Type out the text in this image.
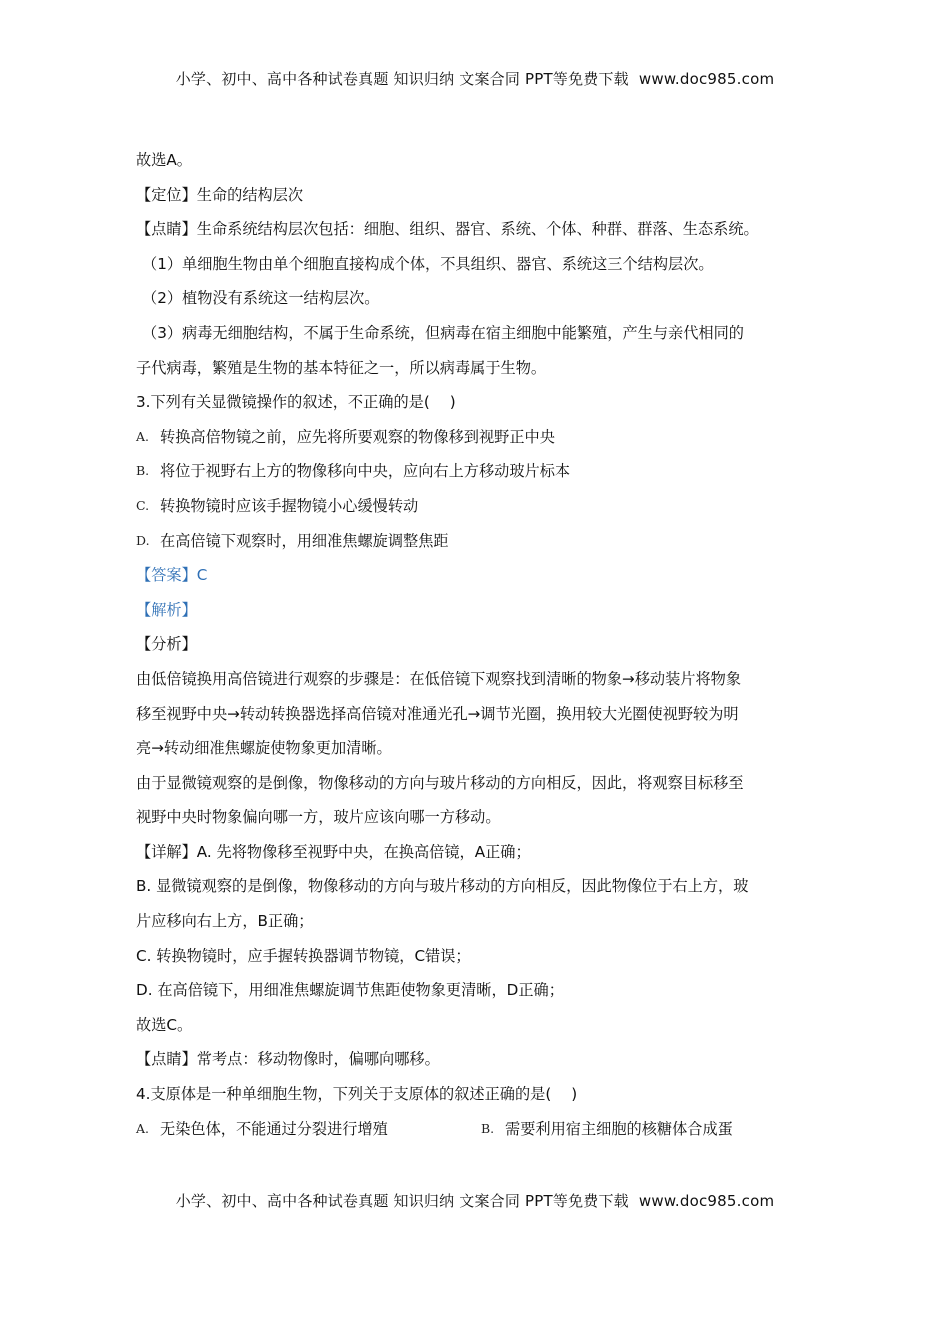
小学、初中、高中各种试卷真题 知识归纳 文案合同 PPT等免费下载 www.doc985.com
故选A。
【定位】生命的结构层次
【点睛】生命系统结构层次包括：细胞、组织、器官、系统、个体、种群、群落、生态系统。
（1）单细胞生物由单个细胞直接构成个体，不具组织、器官、系统这三个结构层次。
（2）植物没有系统这一结构层次。
（3）病毒无细胞结构，不属于生命系统，但病毒在宿主细胞中能繁殖，产生与亲代相同的
子代病毒，繁殖是生物的基本特征之一，所以病毒属于生物。
3.下列有关显微镜操作的叙述，不正确的是(　 )
A. 转换高倍物镜之前，应先将所要观察的物像移到视野正中央
B. 将位于视野右上方的物像移向中央，应向右上方移动玻片标本
C. 转换物镜时应该手握物镜小心缓慢转动
D. 在高倍镜下观察时，用细准焦螺旋调整焦距
【答案】C
【解析】
【分析】
由低倍镜换用高倍镜进行观察的步骤是：在低倍镜下观察找到清晰的物象→移动装片将物象
移至视野中央→转动转换器选择高倍镜对准通光孔→调节光圈，换用较大光圈使视野较为明
亮→转动细准焦螺旋使物象更加清晰。
由于显微镜观察的是倒像，物像移动的方向与玻片移动的方向相反，因此，将观察目标移至
视野中央时物象偏向哪一方，玻片应该向哪一方移动。
【详解】A. 先将物像移至视野中央，在换高倍镜，A正确；
B. 显微镜观察的是倒像，物像移动的方向与玻片移动的方向相反，因此物像位于右上方，玻
片应移向右上方，B正确；
C. 转换物镜时，应手握转换器调节物镜，C错误；
D. 在高倍镜下，用细准焦螺旋调节焦距使物象更清晰，D正确；
故选C。
【点睛】常考点：移动物像时，偏哪向哪移。
4.支原体是一种单细胞生物，下列关于支原体的叙述正确的是(　 )
A. 无染色体，不能通过分裂进行增殖	B. 需要利用宿主细胞的核糖体合成蛋
小学、初中、高中各种试卷真题 知识归纳 文案合同 PPT等免费下载 www.doc985.com
